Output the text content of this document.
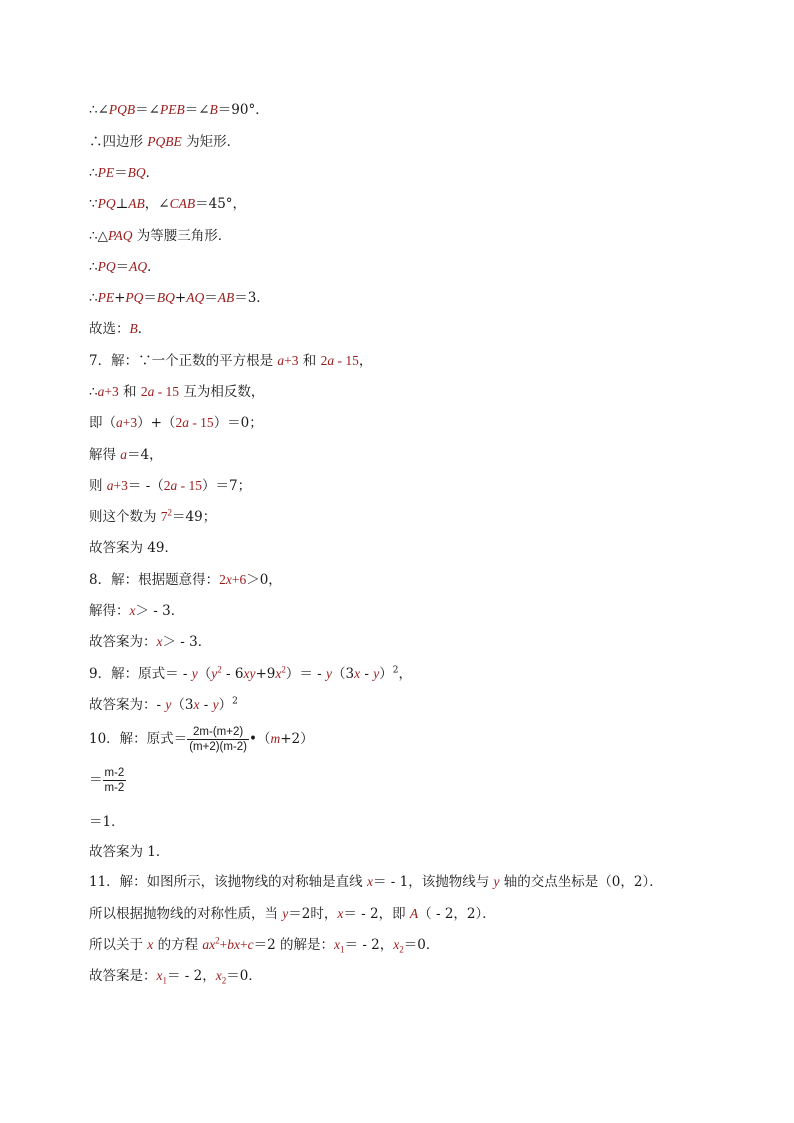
∴∠PQB＝∠PEB＝∠B＝90°．
∴四边形 PQBE 为矩形．
∴PE＝BQ．
∵PQ⊥AB，∠CAB＝45°，
∴△PAQ 为等腰三角形．
∴PQ＝AQ．
∴PE+PQ＝BQ+AQ＝AB＝3．
故选：B．
7．解：∵一个正数的平方根是 a+3 和 2a - 15，
∴a+3 和 2a - 15 互为相反数，
即（a+3）+（2a - 15）＝0；
解得 a＝4，
则 a+3＝ -（2a - 15）＝7；
则这个数为 $7^2=49$；
故答案为 49．
8．解：根据题意得：2x+6＞0，
解得：x＞ - 3．
故答案为：x＞ - 3．
9．解：原式＝ - $y(y^2 - 6xy+9x^2)= - y(3x - y)^2$，
故答案为：- y（3x - y）$^2$
10．解：原式＝ $\frac{2m-(m+2)}{(m+2)(m-2)}$ •（m+2）
＝ $\frac{m-2}{m-2}$
＝1．
故答案为 1．
11．解：如图所示，该抛物线的对称轴是直线 x＝ - 1，该抛物线与 y 轴的交点坐标是（0，2）．
所以根据抛物线的对称性质，当 y＝2时，x＝ - 2，即 A（ - 2，2）．
所以关于 x 的方程 $ax^2+bx+c=2$ 的解是：$x_1= - 2$，$x_2=0$．
故答案是：$x_1= - 2$，$x_2=0$．
